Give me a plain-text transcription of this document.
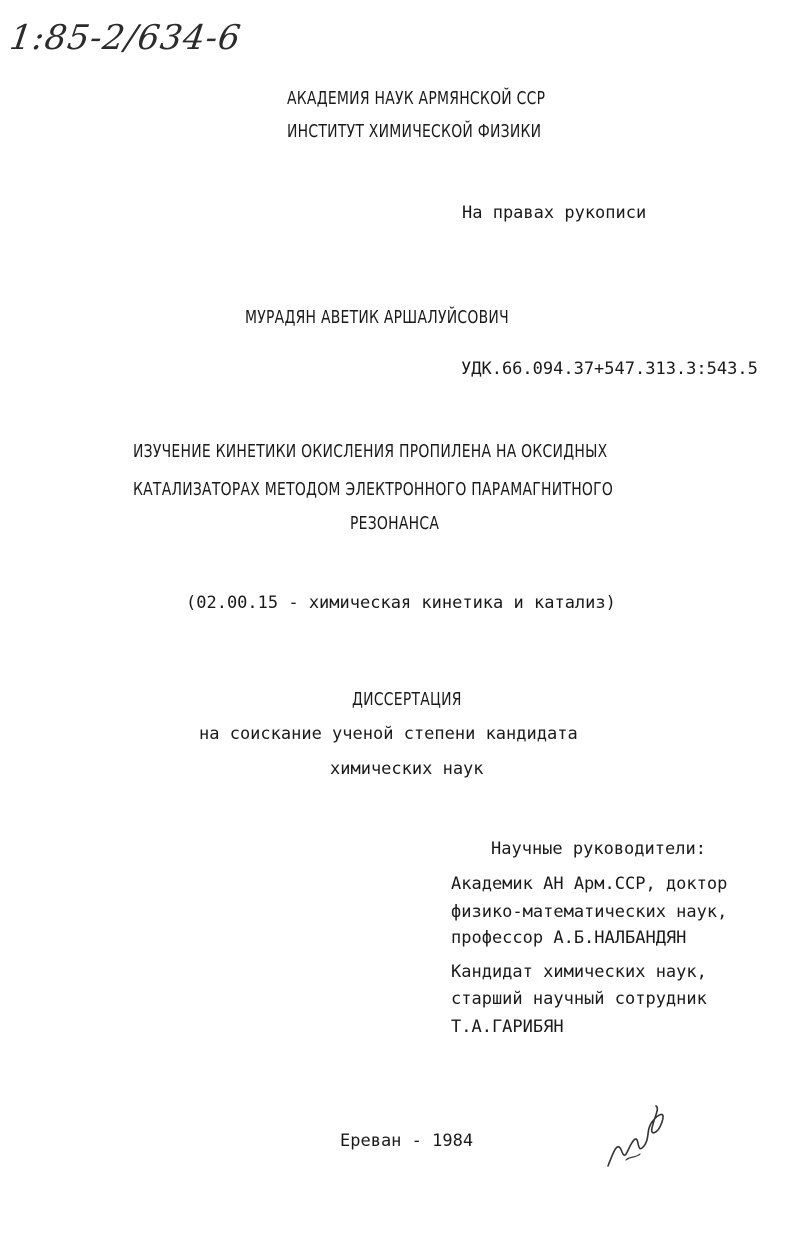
1:85-2/634-6

АКАДЕМИЯ НАУК АРМЯНСКОЙ ССР

ИНСТИТУТ ХИМИЧЕСКОЙ ФИЗИКИ

На правах рукописи

МУРАДЯН АВЕТИК АРШАЛУЙСОВИЧ

УДК.66.094.37+547.313.3:543.5

ИЗУЧЕНИЕ КИНЕТИКИ ОКИСЛЕНИЯ ПРОПИЛЕНА НА ОКСИДНЫХ

КАТАЛИЗАТОРАХ МЕТОДОМ ЭЛЕКТРОННОГО ПАРАМАГНИТНОГО

РЕЗОНАНСА

(02.00.15 - химическая кинетика и катализ)

ДИССЕРТАЦИЯ

на соискание ученой степени кандидата

химических наук

Научные руководители:

Академик АН Арм.ССР, доктор

физико-математических наук,

профессор А.Б.НАЛБАНДЯН

Кандидат химических наук,

старший научный сотрудник

Т.А.ГАРИБЯН

Ереван - 1984
